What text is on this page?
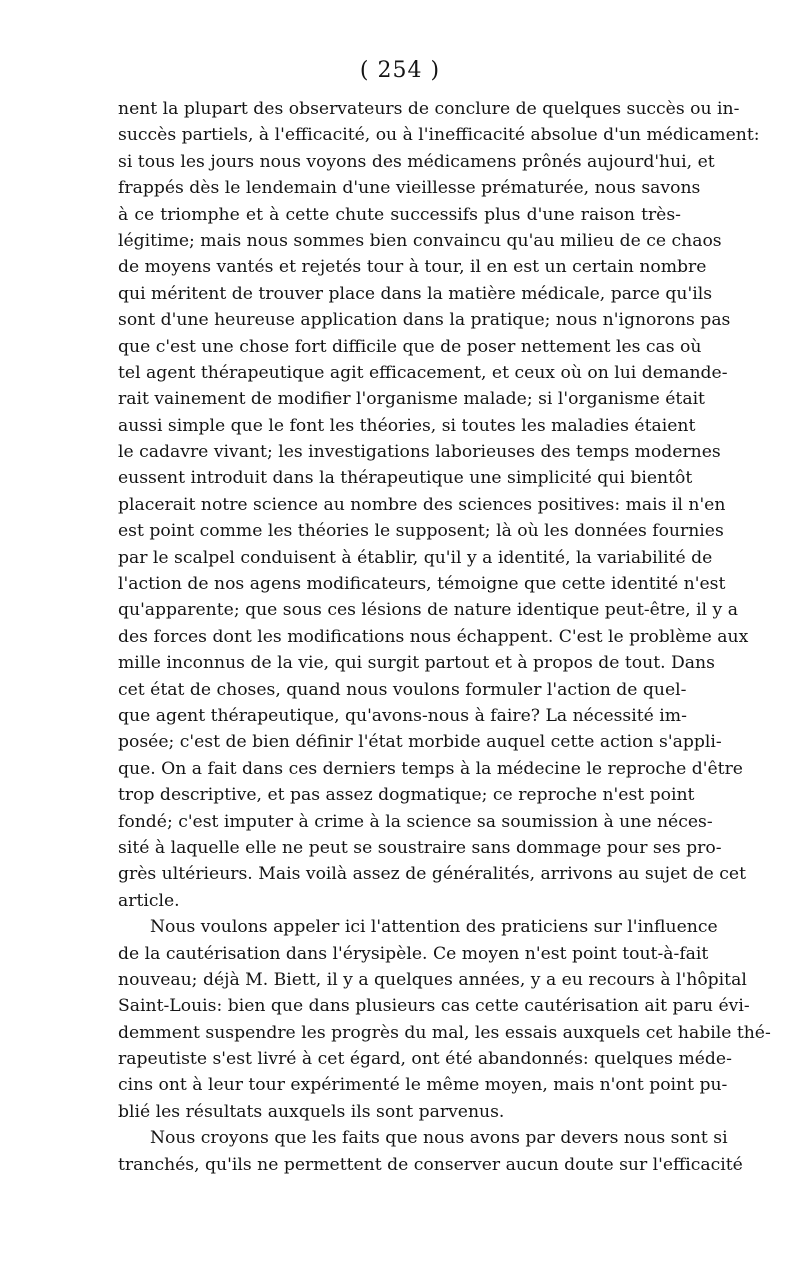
( 254 )
nent la plupart des observateurs de conclure de quelques succès ou in-
succès partiels, à l'efficacité, ou à l'inefficacité absolue d'un médicament:
si tous les jours nous voyons des médicamens prônés aujourd'hui, et
frappés dès le lendemain d'une vieillesse prématurée, nous savons
à ce triomphe et à cette chute successifs plus d'une raison très-
légitime; mais nous sommes bien convaincu qu'au milieu de ce chaos
de moyens vantés et rejetés tour à tour, il en est un certain nombre
qui méritent de trouver place dans la matière médicale, parce qu'ils
sont d'une heureuse application dans la pratique; nous n'ignorons pas
que c'est une chose fort difficile que de poser nettement les cas où
tel agent thérapeutique agit efficacement, et ceux où on lui demande-
rait vainement de modifier l'organisme malade; si l'organisme était
aussi simple que le font les théories, si toutes les maladies étaient
le cadavre vivant; les investigations laborieuses des temps modernes
eussent introduit dans la thérapeutique une simplicité qui bientôt
placerait notre science au nombre des sciences positives: mais il n'en
est point comme les théories le supposent; là où les données fournies
par le scalpel conduisent à établir, qu'il y a identité, la variabilité de
l'action de nos agens modificateurs, témoigne que cette identité n'est
qu'apparente; que sous ces lésions de nature identique peut-être, il y a
des forces dont les modifications nous échappent. C'est le problème aux
mille inconnus de la vie, qui surgit partout et à propos de tout. Dans
cet état de choses, quand nous voulons formuler l'action de quel-
que agent thérapeutique, qu'avons-nous à faire? La nécessité im-
posée; c'est de bien définir l'état morbide auquel cette action s'appli-
que. On a fait dans ces derniers temps à la médecine le reproche d'être
trop descriptive, et pas assez dogmatique; ce reproche n'est point
fondé; c'est imputer à crime à la science sa soumission à une néces-
sité à laquelle elle ne peut se soustraire sans dommage pour ses pro-
grès ultérieurs. Mais voilà assez de généralités, arrivons au sujet de cet
article.
Nous voulons appeler ici l'attention des praticiens sur l'influence
de la cautérisation dans l'érysipèle. Ce moyen n'est point tout-à-fait
nouveau; déjà M. Biett, il y a quelques années, y a eu recours à l'hôpital
Saint-Louis: bien que dans plusieurs cas cette cautérisation ait paru évi-
demment suspendre les progrès du mal, les essais auxquels cet habile thé-
rapeutiste s'est livré à cet égard, ont été abandonnés: quelques méde-
cins ont à leur tour expérimenté le même moyen, mais n'ont point pu-
blié les résultats auxquels ils sont parvenus.
Nous croyons que les faits que nous avons par devers nous sont si
tranchés, qu'ils ne permettent de conserver aucun doute sur l'efficacité
